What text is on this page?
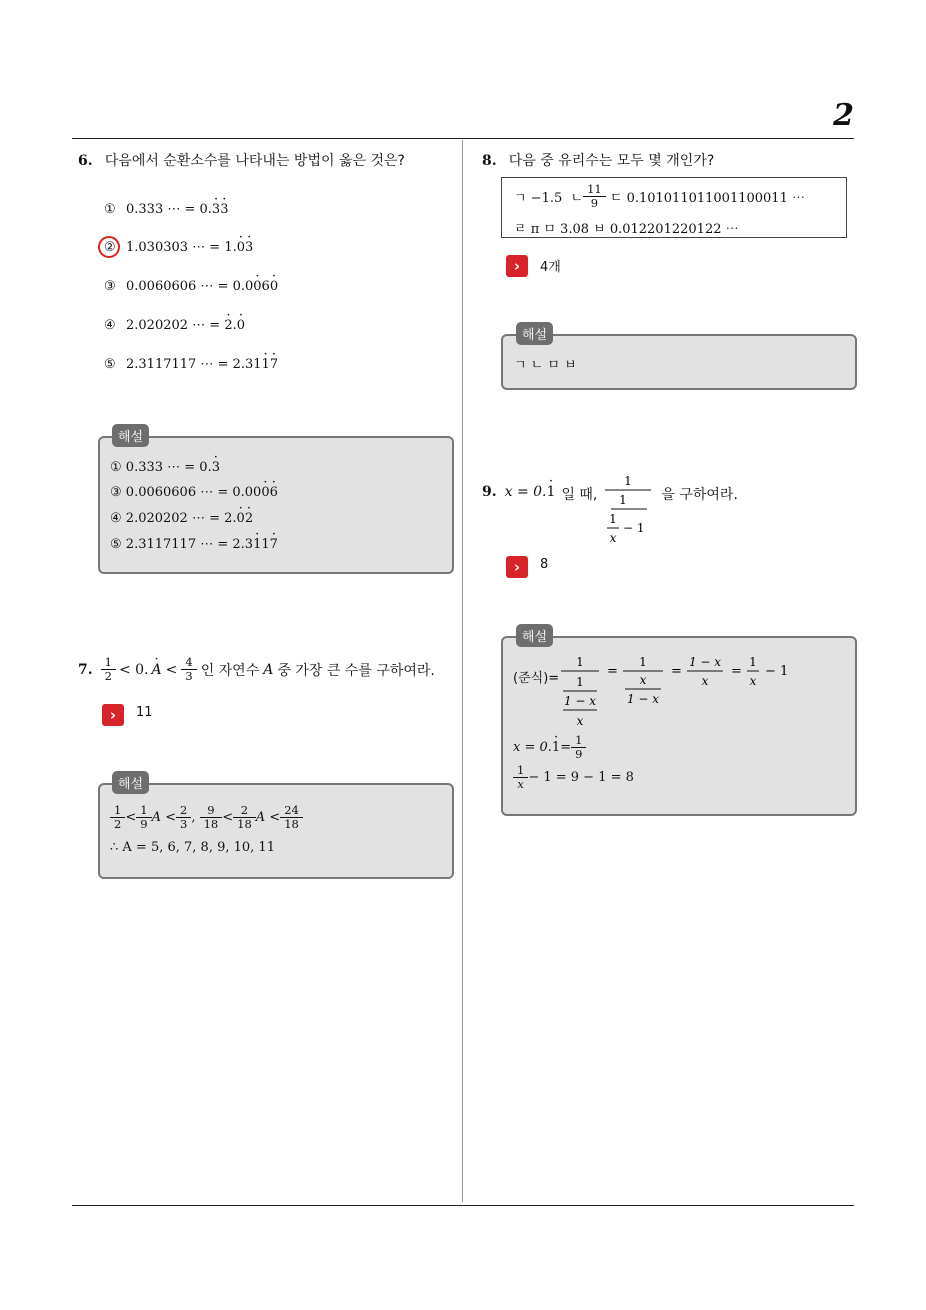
2
6. 다음에서 순환소수를 나타내는 방법이 옳은 것은?
① 0.333 ⋯ = 0.3 ·3 ·
② 1.030303 ⋯ = 1.0 ·3 ·
③ 0.0060606 ⋯ = 0.00 ·60 ·
④ 2.020202 ⋯ = 2 ·.0 ·
⑤ 2.3117117 ⋯ = 2.311 ·7 ·
해설
① 0.333 ⋯ = 0.3 ·
③ 0.0060606 ⋯ = 0.000 ·6 ·
④ 2.020202 ⋯ = 2.0 ·2 ·
⑤ 2.3117117 ⋯ = 2.31 ·17 ·
7. $\frac{1}{2} < 0$. A · < $\frac{4}{3}$ 인 자연수 A 중 가장 큰 수를 구하여라.
›	11
해설
$\frac{1}{2} < \frac{1}{9}$ $A < \frac{2}{3}$ , $\frac{9}{18} < \frac{2}{18}$ $A < \frac{24}{18}$
∴ A = 5, 6, 7, 8, 9, 10, 11
8. 다음 중 유리수는 모두 몇 개인가?
ㄱ −1.5
ㄴ $\frac{11}{9}$
ㄷ 0.101011011001100011 ⋯
ㄹ π ㅁ 3.08 ㅂ 0.012201220122 ⋯
›	4개
해설
ㄱ ㄴ ㅁ ㅂ
9. x = 0. 1 · 일 때,
1
1
1
x
− 1
을 구하여라.
›	8
해설
(준식)=
1
1
1 − x
x
=
1
x
1 − x
=
1 − x
x
=
1
x
− 1
x = 0. 1 · = $\frac{1}{9}$
$\frac{1}{x} - 1 = 9 - 1 = 8$
